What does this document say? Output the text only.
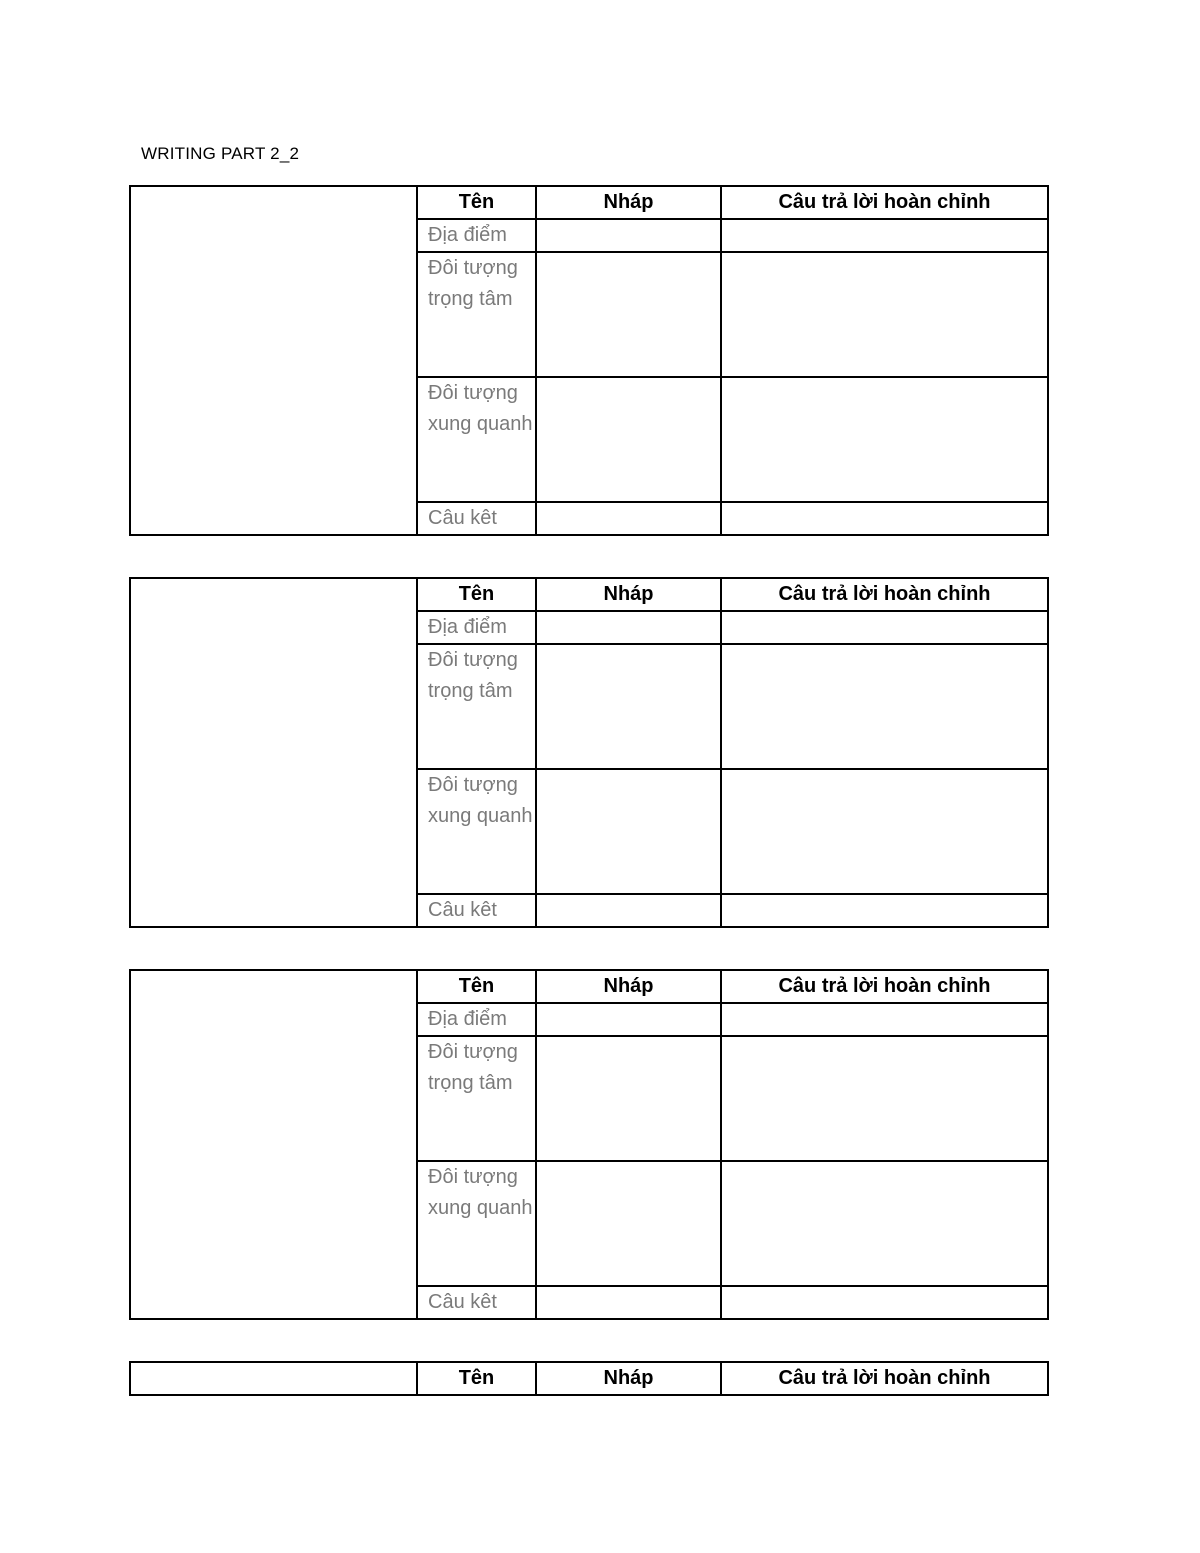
WRITING PART 2_2
	Tên	Nháp	Câu trả lời hoàn chỉnh
	Địa điểm		
	Đôi tượng trọng tâm		
	Đôi tượng xung quanh		
	Câu kêt		
	Tên	Nháp	Câu trả lời hoàn chỉnh
	Địa điểm		
	Đôi tượng trọng tâm		
	Đôi tượng xung quanh		
	Câu kêt		
	Tên	Nháp	Câu trả lời hoàn chỉnh
	Địa điểm		
	Đôi tượng trọng tâm		
	Đôi tượng xung quanh		
	Câu kêt		
	Tên	Nháp	Câu trả lời hoàn chỉnh
